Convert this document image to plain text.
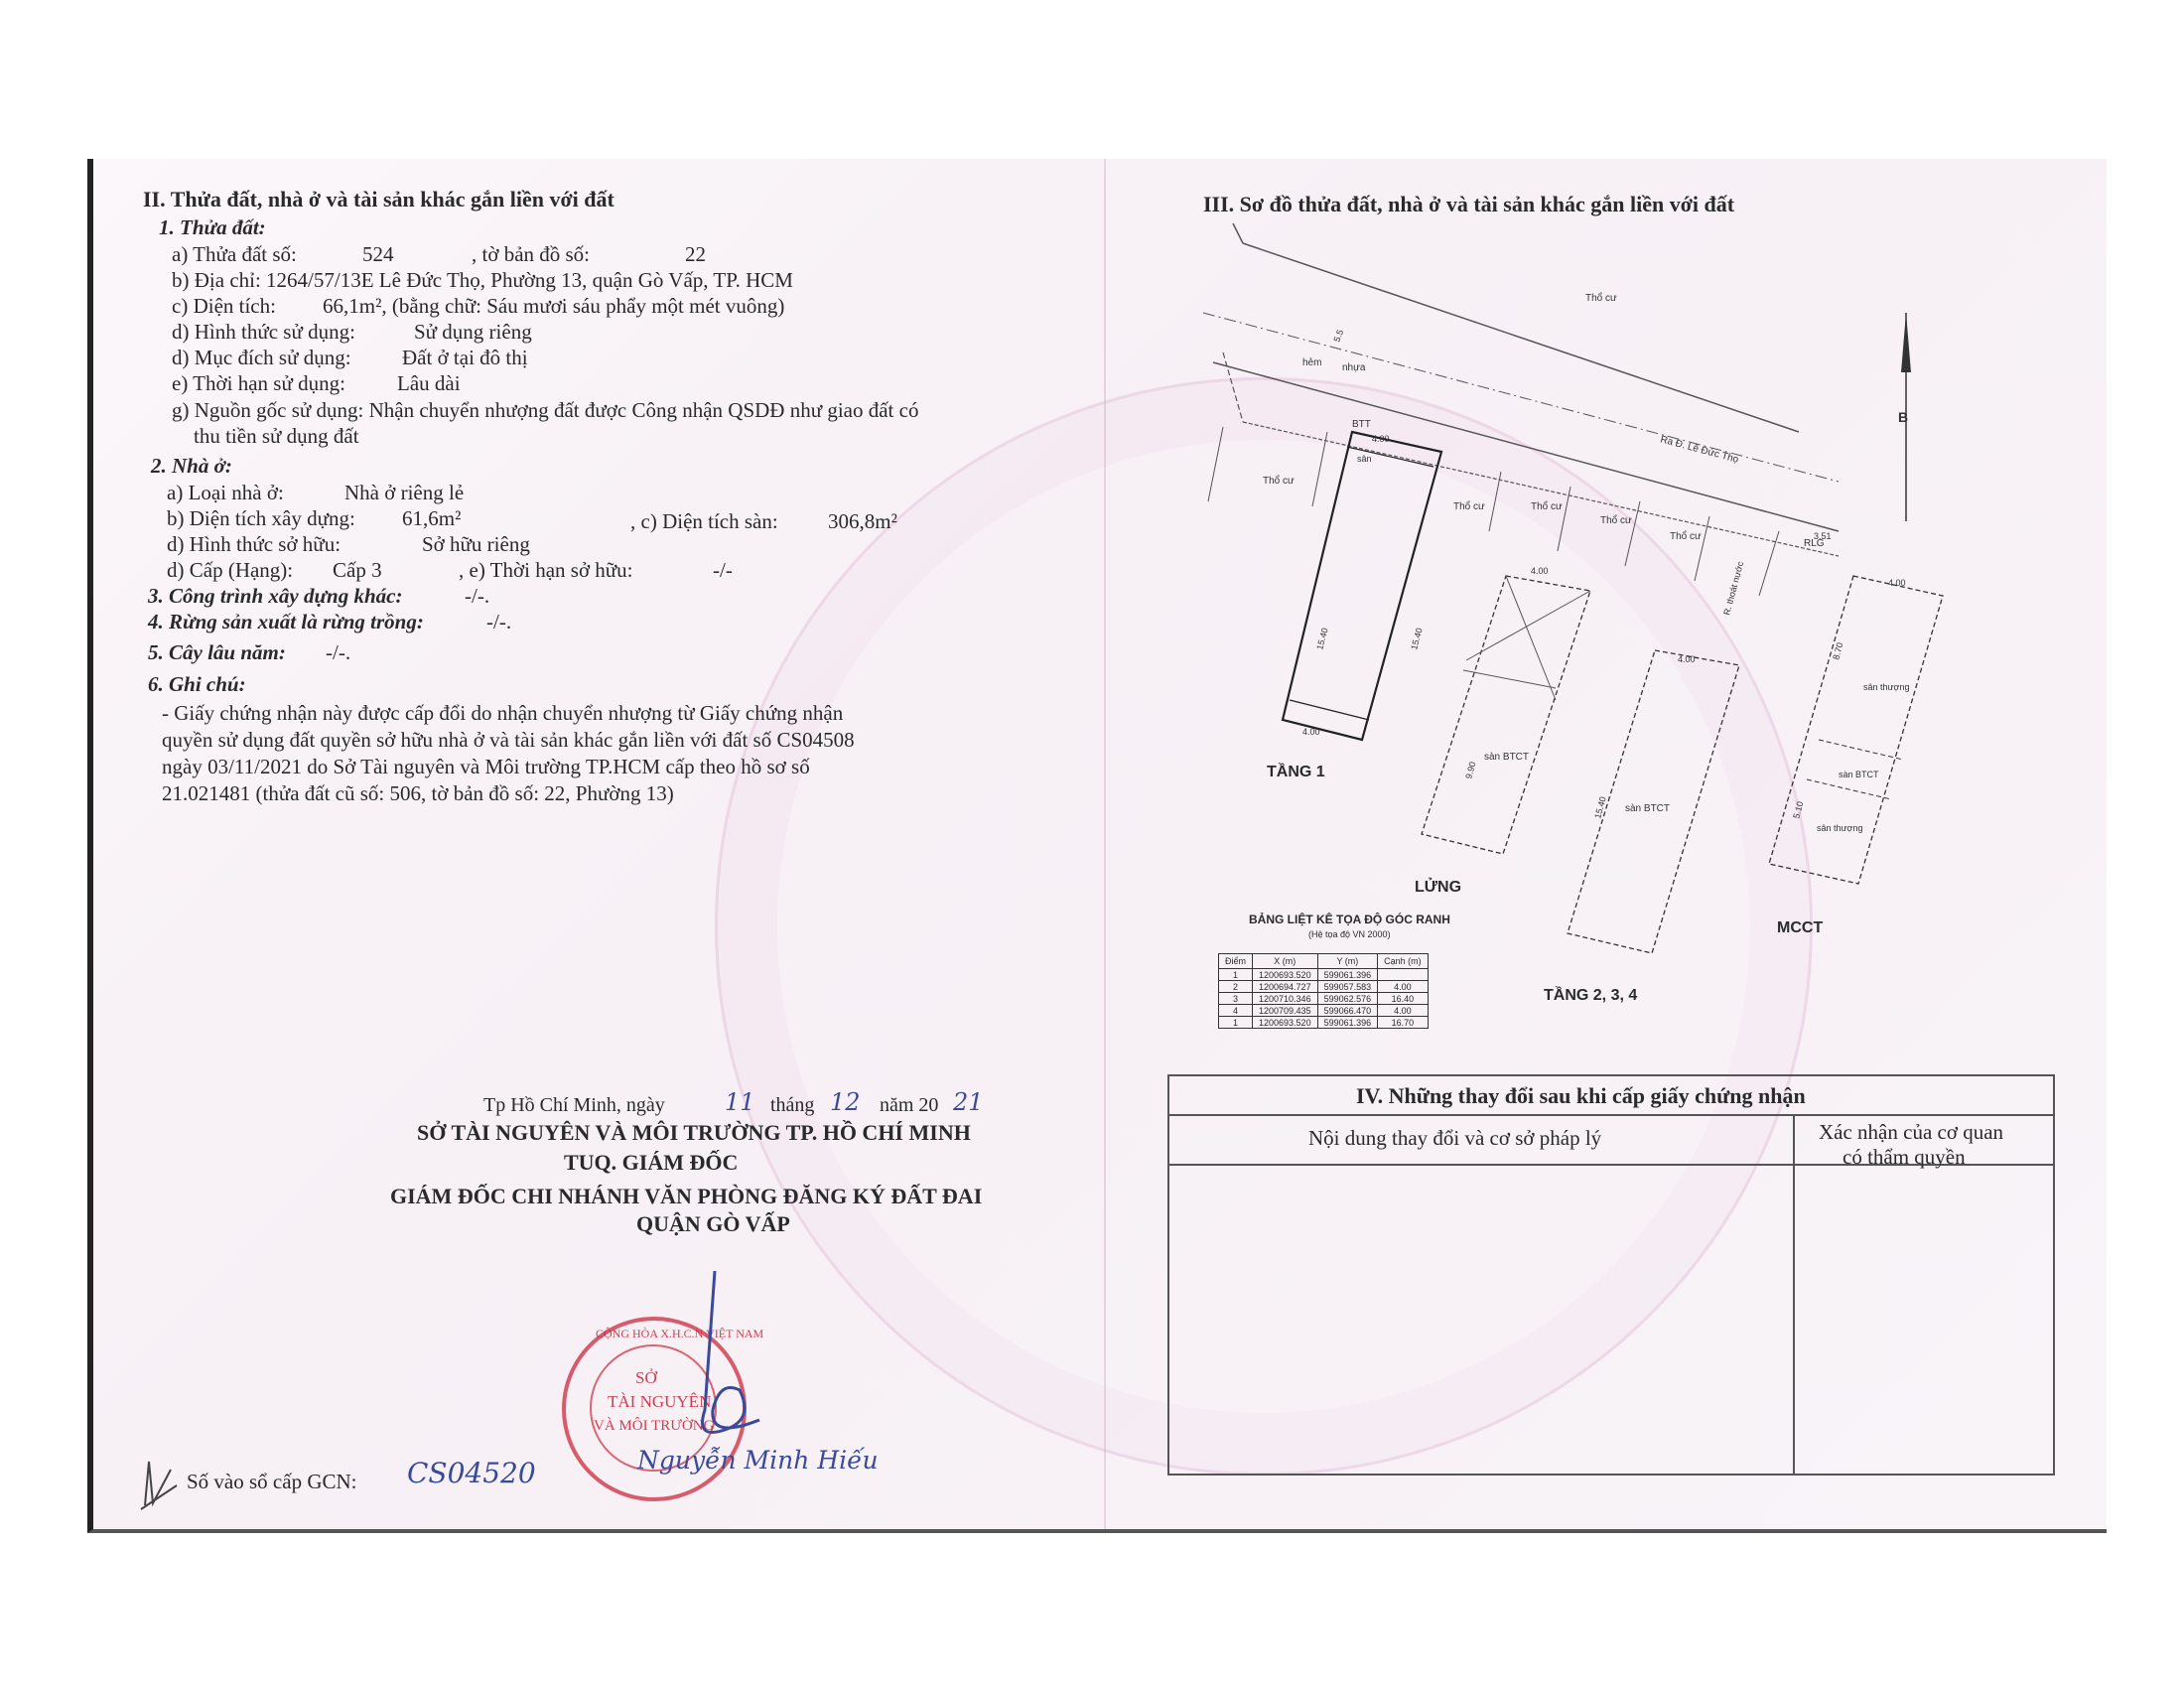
II. Thửa đất, nhà ở và tài sản khác gắn liền với đất
1. Thửa đất:
a) Thửa đất số:	524	, tờ bản đồ số:	22
b) Địa chỉ: 1264/57/13E Lê Đức Thọ, Phường 13, quận Gò Vấp, TP. HCM
c) Diện tích: 66,1m², (bằng chữ: Sáu mươi sáu phẩy một mét vuông)
d) Hình thức sử dụng:	Sử dụng riêng
d) Mục đích sử dụng: Đất ở tại đô thị
e) Thời hạn sử dụng: Lâu dài
g) Nguồn gốc sử dụng: Nhận chuyển nhượng đất được Công nhận QSDĐ như giao đất có
thu tiền sử dụng đất
2. Nhà ở:
a) Loại nhà ở:	Nhà ở riêng lẻ
b) Diện tích xây dựng: 61,6m²	, c) Diện tích sàn: 306,8m²
d) Hình thức sở hữu:	Sở hữu riêng
d) Cấp (Hạng): Cấp 3	, e) Thời hạn sở hữu:	-/-
3. Công trình xây dựng khác:	-/-.
4. Rừng sản xuất là rừng trồng:	-/-.
5. Cây lâu năm: -/-.
6. Ghi chú:
- Giấy chứng nhận này được cấp đổi do nhận chuyển nhượng từ Giấy chứng nhận
quyền sử dụng đất quyền sở hữu nhà ở và tài sản khác gắn liền với đất số CS04508
ngày 03/11/2021 do Sở Tài nguyên và Môi trường TP.HCM cấp theo hồ sơ số
21.021481 (thửa đất cũ số: 506, tờ bản đồ số: 22, Phường 13)
Tp Hồ Chí Minh, ngày	11 tháng 12 năm 20 21
SỞ TÀI NGUYÊN VÀ MÔI TRƯỜNG TP. HỒ CHÍ MINH
TUQ. GIÁM ĐỐC
GIÁM ĐỐC CHI NHÁNH VĂN PHÒNG ĐĂNG KÝ ĐẤT ĐAI
QUẬN GÒ VẤP
CỘNG HÒA X.H.C.N VIỆT NAM
SỞ
TÀI NGUYÊN
VÀ MÔI TRƯỜNG
Nguyễn Minh Hiếu
Số vào sổ cấp GCN: CS04520
III. Sơ đồ thửa đất, nhà ở và tài sản khác gắn liền với đất
Thổ cư
hẻm nhựa
Ra Đ. Lê Đức Thọ
BTT
RLG
sân
Thổ cư
Thổ cư	Thổ cư
Thổ cư
Thổ cư
R. thoát nước
sàn BTCT
sàn BTCT
sân thượng
sàn BTCT
sân thượng
B
5.5
4.00
15.40	15.40
4.00
3.51
4.00
9.90
4.00
15.40
4.00
8.70
5.10
TẦNG 1
LỬNG
TẦNG 2, 3, 4
MCCT
BẢNG LIỆT KÊ TỌA ĐỘ GÓC RANH
(Hệ tọa độ VN 2000)
Điểm	X (m)	Y (m)	Cạnh (m)
1	1200693.520	599061.396	
2	1200694.727	599057.583	4.00
3	1200710.346	599062.576	16.40
4	1200709.435	599066.470	4.00
1	1200693.520	599061.396	16.70
IV. Những thay đổi sau khi cấp giấy chứng nhận
Nội dung thay đổi và cơ sở pháp lý	Xác nhận của cơ quan
có thẩm quyền
